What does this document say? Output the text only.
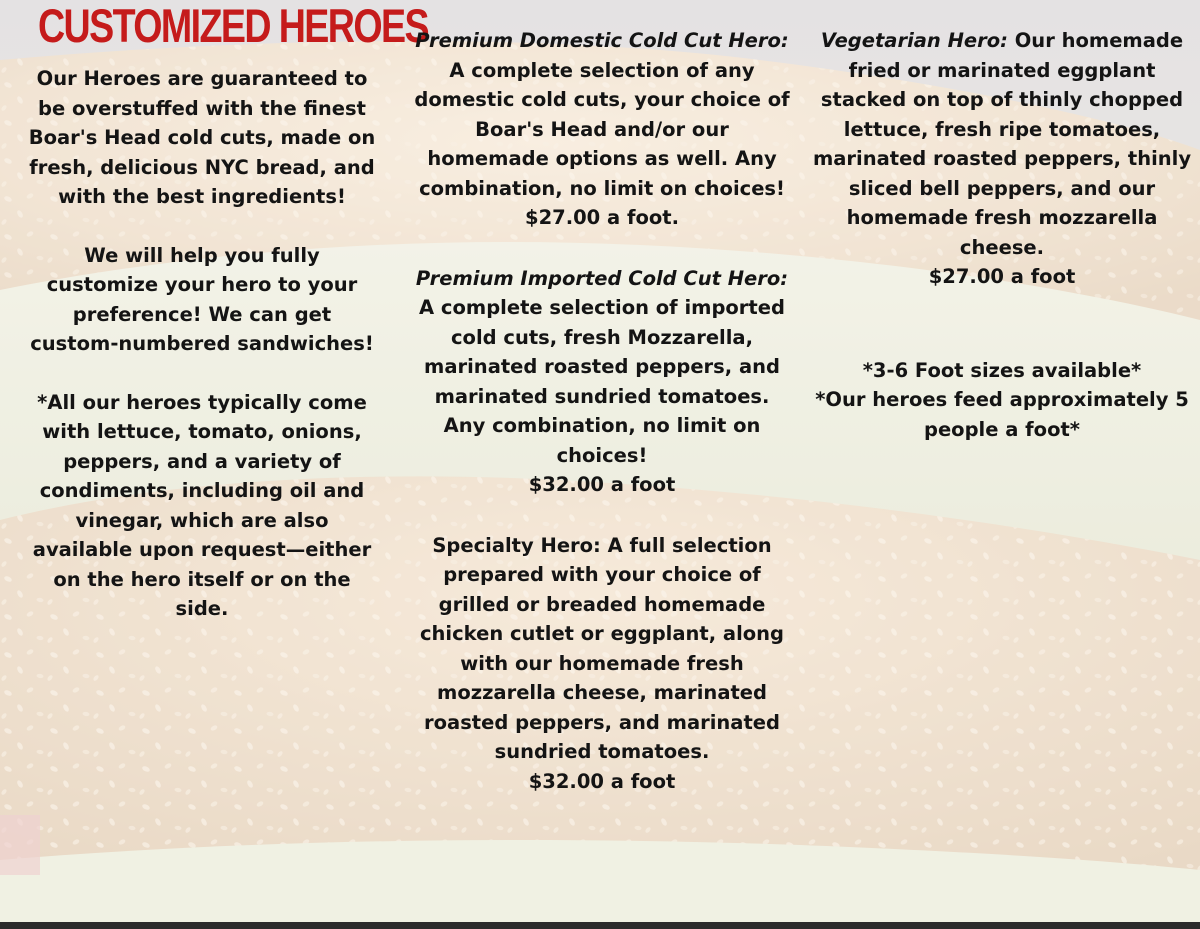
CUSTOMIZED HEROES

Our Heroes are guaranteed to be overstuffed with the finest Boar's Head cold cuts, made on fresh, delicious NYC bread, and with the best ingredients!

We will help you fully customize your hero to your preference! We can get custom-numbered sandwiches!

*All our heroes typically come with lettuce, tomato, onions, peppers, and a variety of condiments, including oil and vinegar, which are also available upon request—either on the hero itself or on the side.

Premium Domestic Cold Cut Hero: A complete selection of any domestic cold cuts, your choice of Boar's Head and/or our homemade options as well. Any combination, no limit on choices!
$27.00 a foot.

Premium Imported Cold Cut Hero: A complete selection of imported cold cuts, fresh Mozzarella, marinated roasted peppers, and marinated sundried tomatoes. Any combination, no limit on choices!
$32.00 a foot

Specialty Hero: A full selection prepared with your choice of grilled or breaded homemade chicken cutlet or eggplant, along with our homemade fresh mozzarella cheese, marinated roasted peppers, and marinated sundried tomatoes.
$32.00 a foot

Vegetarian Hero: Our homemade fried or marinated eggplant stacked on top of thinly chopped lettuce, fresh ripe tomatoes, marinated roasted peppers, thinly sliced bell peppers, and our homemade fresh mozzarella cheese.
$27.00 a foot

*3-6 Foot sizes available*

*Our heroes feed approximately 5 people a foot*
